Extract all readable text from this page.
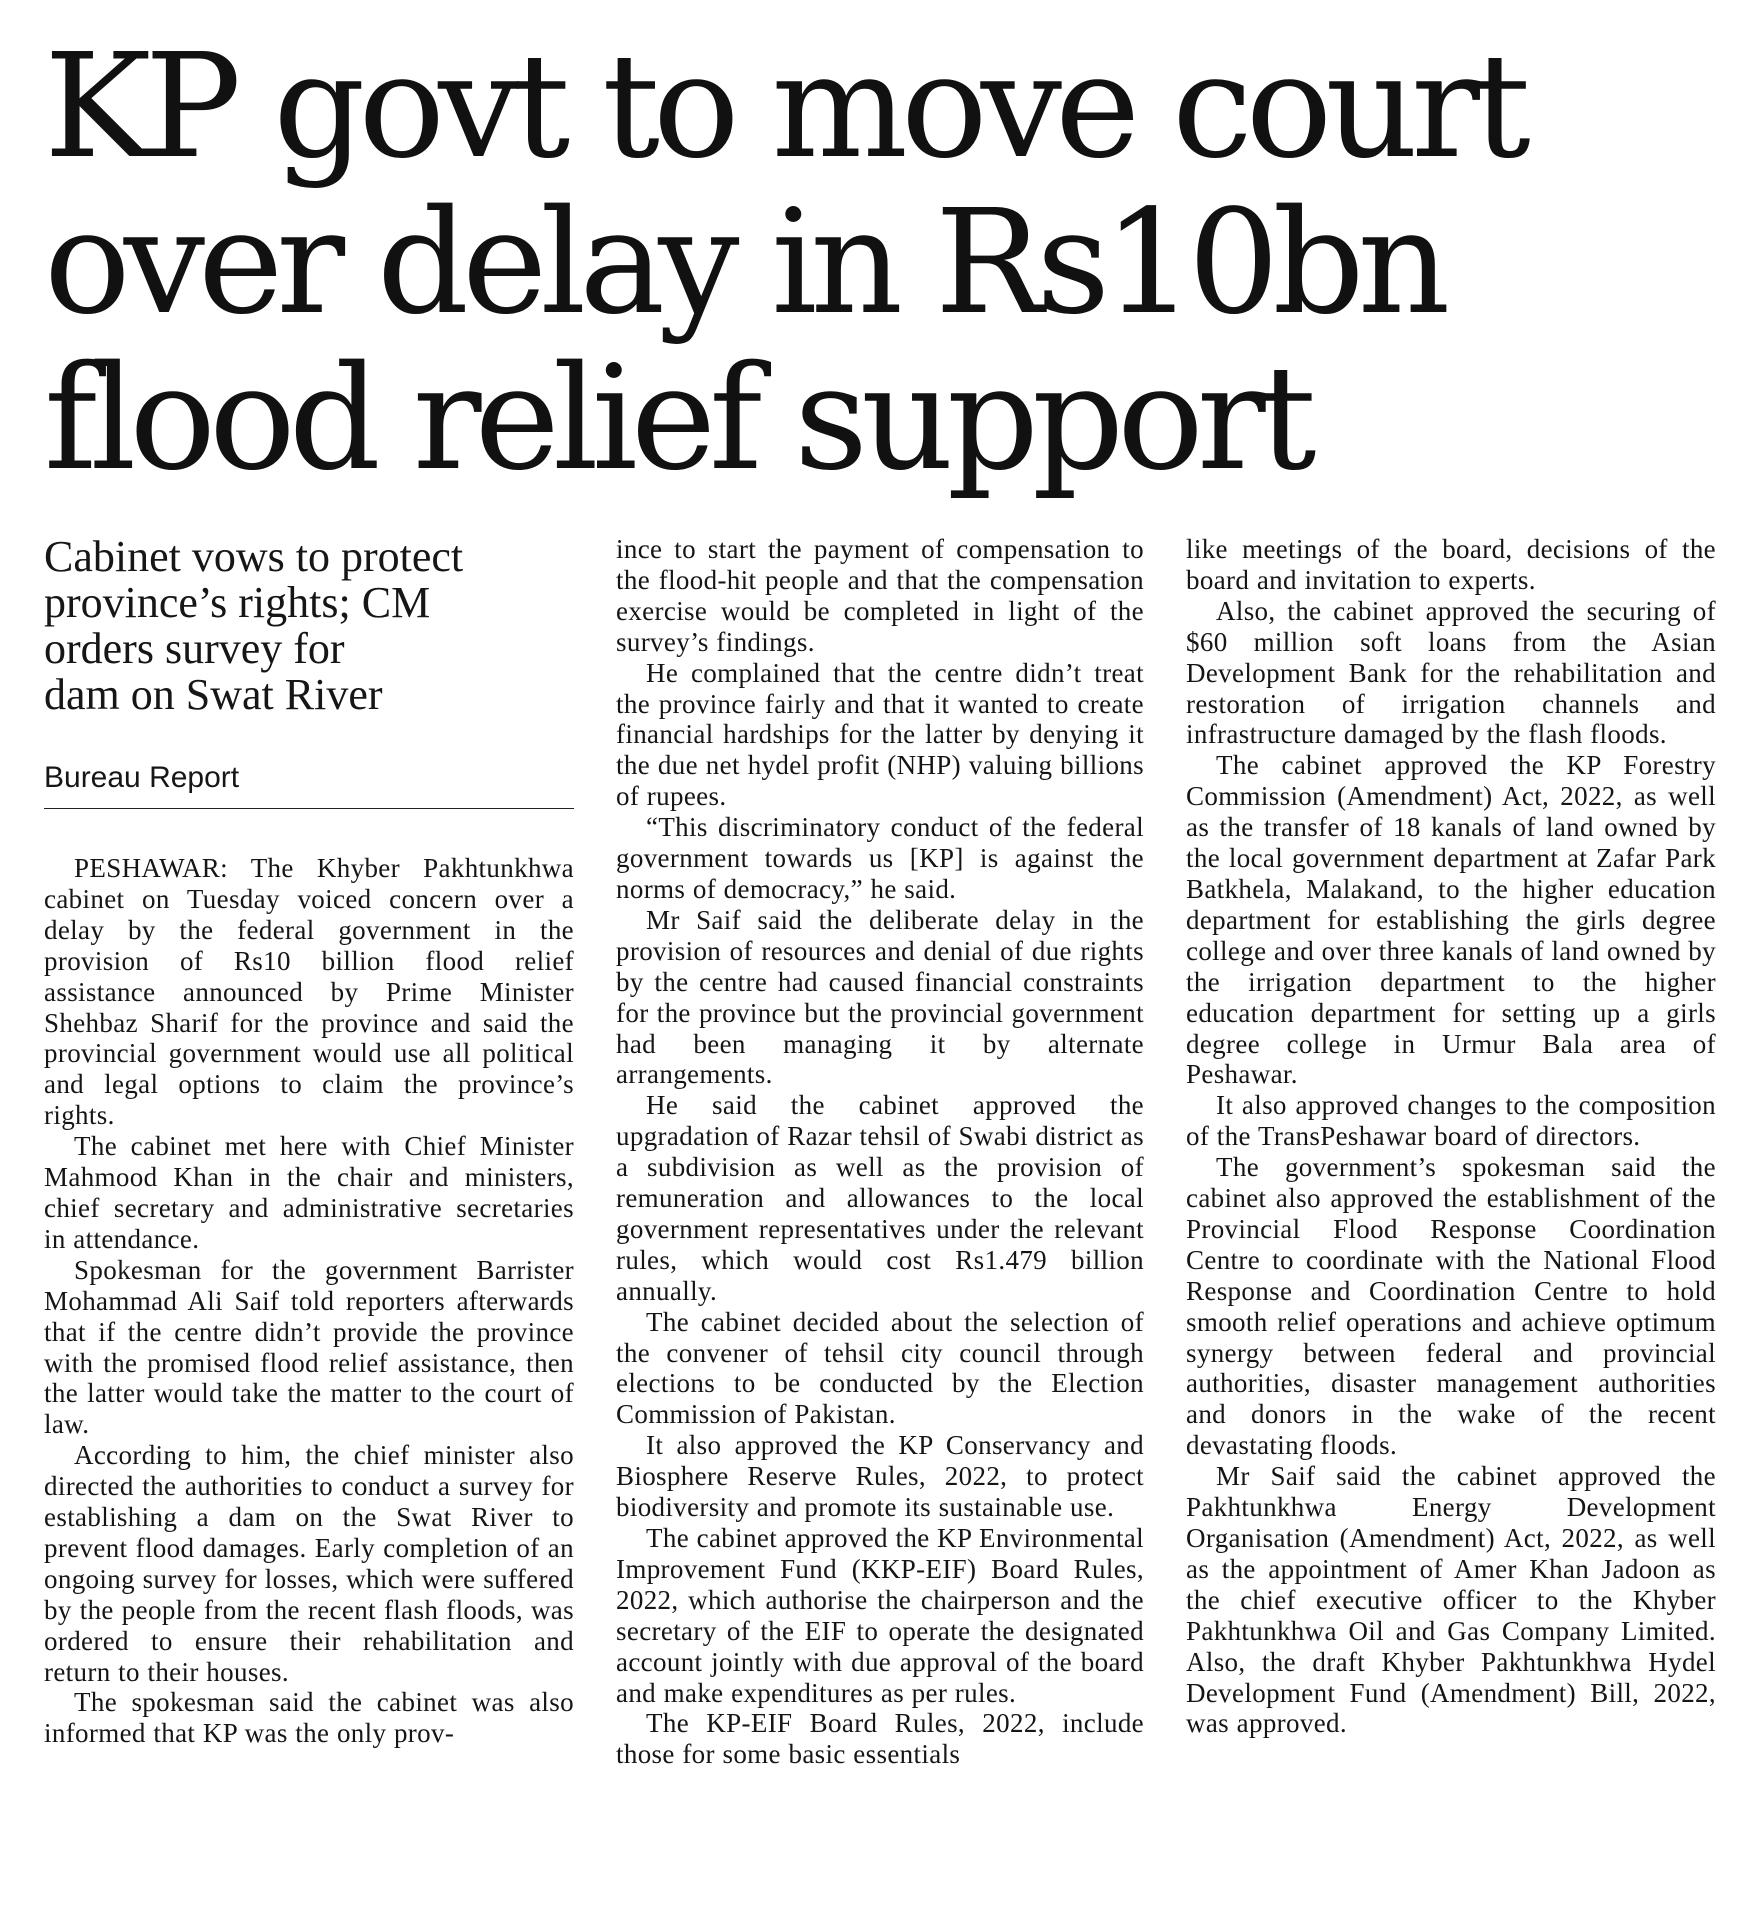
KP govt to move court
over delay in Rs10bn
flood relief support
Cabinet vows to protect
province’s rights; CM
orders survey for
dam on Swat River
Bureau Report

PESHAWAR: The Khyber Pakhtunkhwa cabinet on Tuesday voiced concern over a delay by the federal government in the provision of Rs10 billion flood relief assistance announced by Prime Minister Shehbaz Sharif for the province and said the provincial government would use all political and legal options to claim the province’s rights.

The cabinet met here with Chief Minister Mahmood Khan in the chair and ministers, chief secretary and administrative secretaries in attendance.

Spokesman for the government Barrister Mohammad Ali Saif told reporters afterwards that if the centre didn’t provide the province with the promised flood relief assistance, then the latter would take the matter to the court of law.

According to him, the chief minister also directed the authorities to conduct a survey for establishing a dam on the Swat River to prevent flood damages. Early completion of an ongoing survey for losses, which were suffered by the people from the recent flash floods, was ordered to ensure their rehabilitation and return to their houses.

The spokesman said the cabinet was also informed that KP was the only prov-

ince to start the payment of compensation to the flood-hit people and that the compensation exercise would be completed in light of the survey’s findings.

He complained that the centre didn’t treat the province fairly and that it wanted to create financial hardships for the latter by denying it the due net hydel profit (NHP) valuing billions of rupees.

“This discriminatory conduct of the federal government towards us [KP] is against the norms of democracy,” he said.

Mr Saif said the deliberate delay in the provision of resources and denial of due rights by the centre had caused financial constraints for the province but the provincial government had been managing it by alternate arrangements.

He said the cabinet approved the upgradation of Razar tehsil of Swabi district as a subdivision as well as the provision of remuneration and allowances to the local government representatives under the relevant rules, which would cost Rs1.479 billion annually.

The cabinet decided about the selection of the convener of tehsil city council through elections to be conducted by the Election Commission of Pakistan.

It also approved the KP Conservancy and Biosphere Reserve Rules, 2022, to protect biodiversity and promote its sustainable use.

The cabinet approved the KP Environmental Improvement Fund (KKP-EIF) Board Rules, 2022, which authorise the chairperson and the secretary of the EIF to operate the designated account jointly with due approval of the board and make expenditures as per rules.

The KP-EIF Board Rules, 2022, include those for some basic essentials

like meetings of the board, decisions of the board and invitation to experts.

Also, the cabinet approved the securing of $60 million soft loans from the Asian Development Bank for the rehabilitation and restoration of irrigation channels and infrastructure damaged by the flash floods.

The cabinet approved the KP Forestry Commission (Amendment) Act, 2022, as well as the transfer of 18 kanals of land owned by the local government department at Zafar Park Batkhela, Malakand, to the higher education department for establishing the girls degree college and over three kanals of land owned by the irrigation department to the higher education department for setting up a girls degree college in Urmur Bala area of Peshawar.

It also approved changes to the composition of the TransPeshawar board of directors.

The government’s spokesman said the cabinet also approved the establishment of the Provincial Flood Response Coordination Centre to coordinate with the National Flood Response and Coordination Centre to hold smooth relief operations and achieve optimum synergy between federal and provincial authorities, disaster management authorities and donors in the wake of the recent devastating floods.

Mr Saif said the cabinet approved the Pakhtunkhwa Energy Development Organisation (Amendment) Act, 2022, as well as the appointment of Amer Khan Jadoon as the chief executive officer to the Khyber Pakhtunkhwa Oil and Gas Company Limited. Also, the draft Khyber Pakhtunkhwa Hydel Development Fund (Amendment) Bill, 2022, was approved.
